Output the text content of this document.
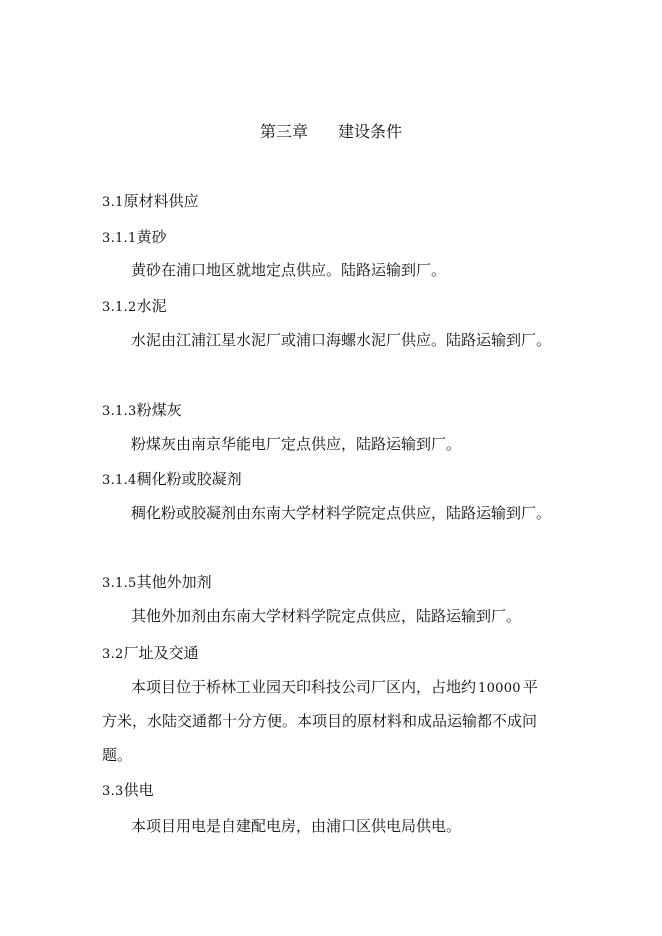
第三章 建设条件
3.1原材料供应
3.1.1黄砂
黄砂在浦口地区就地定点供应。陆路运输到厂。
3.1.2水泥
水泥由江浦江星水泥厂或浦口海螺水泥厂供应。陆路运输到厂。
3.1.3粉煤灰
粉煤灰由南京华能电厂定点供应，陆路运输到厂。
3.1.4稠化粉或胶凝剂
稠化粉或胶凝剂由东南大学材料学院定点供应，陆路运输到厂。
3.1.5其他外加剂
其他外加剂由东南大学材料学院定点供应，陆路运输到厂。
3.2厂址及交通
本项目位于桥林工业园天印科技公司厂区内，占地约 10000 平
方米，水陆交通都十分方便。本项目的原材料和成品运输都不成问
题。
3.3供电
本项目用电是自建配电房，由浦口区供电局供电。
